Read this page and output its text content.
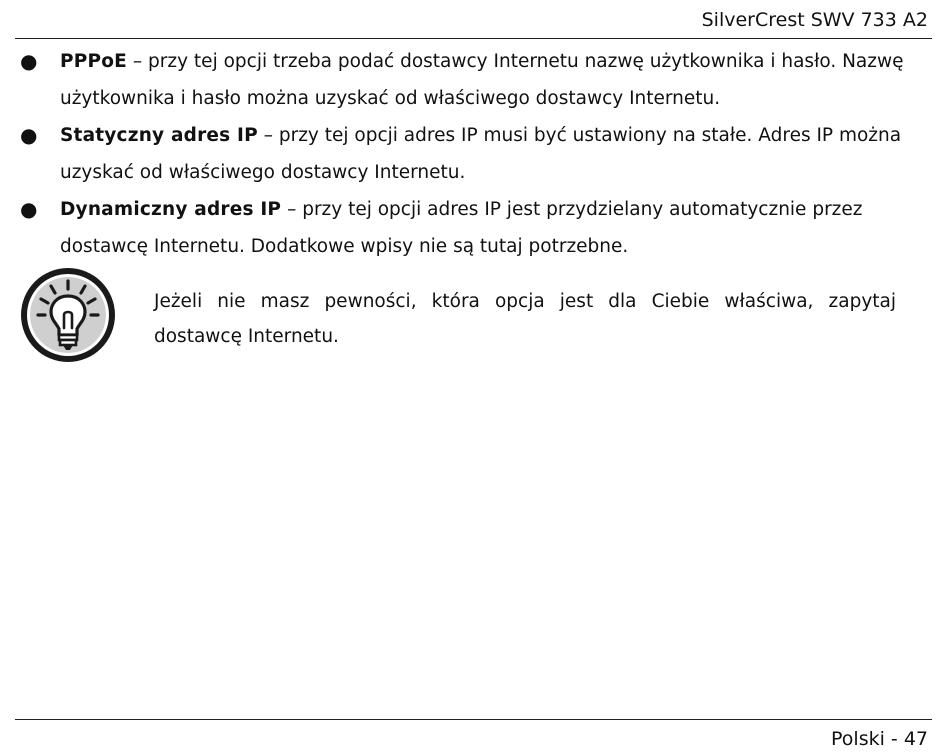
SilverCrest SWV 733 A2
● PPPoE – przy tej opcji trzeba podać dostawcy Internetu nazwę użytkownika i hasło. Nazwę
użytkownika i hasło można uzyskać od właściwego dostawcy Internetu.
● Statyczny adres IP – przy tej opcji adres IP musi być ustawiony na stałe. Adres IP można
uzyskać od właściwego dostawcy Internetu.
● Dynamiczny adres IP – przy tej opcji adres IP jest przydzielany automatycznie przez
dostawcę Internetu. Dodatkowe wpisy nie są tutaj potrzebne.
Jeżeli nie masz pewności, która opcja jest dla Ciebie właściwa, zapytaj dostawcę Internetu.
Polski - 47
